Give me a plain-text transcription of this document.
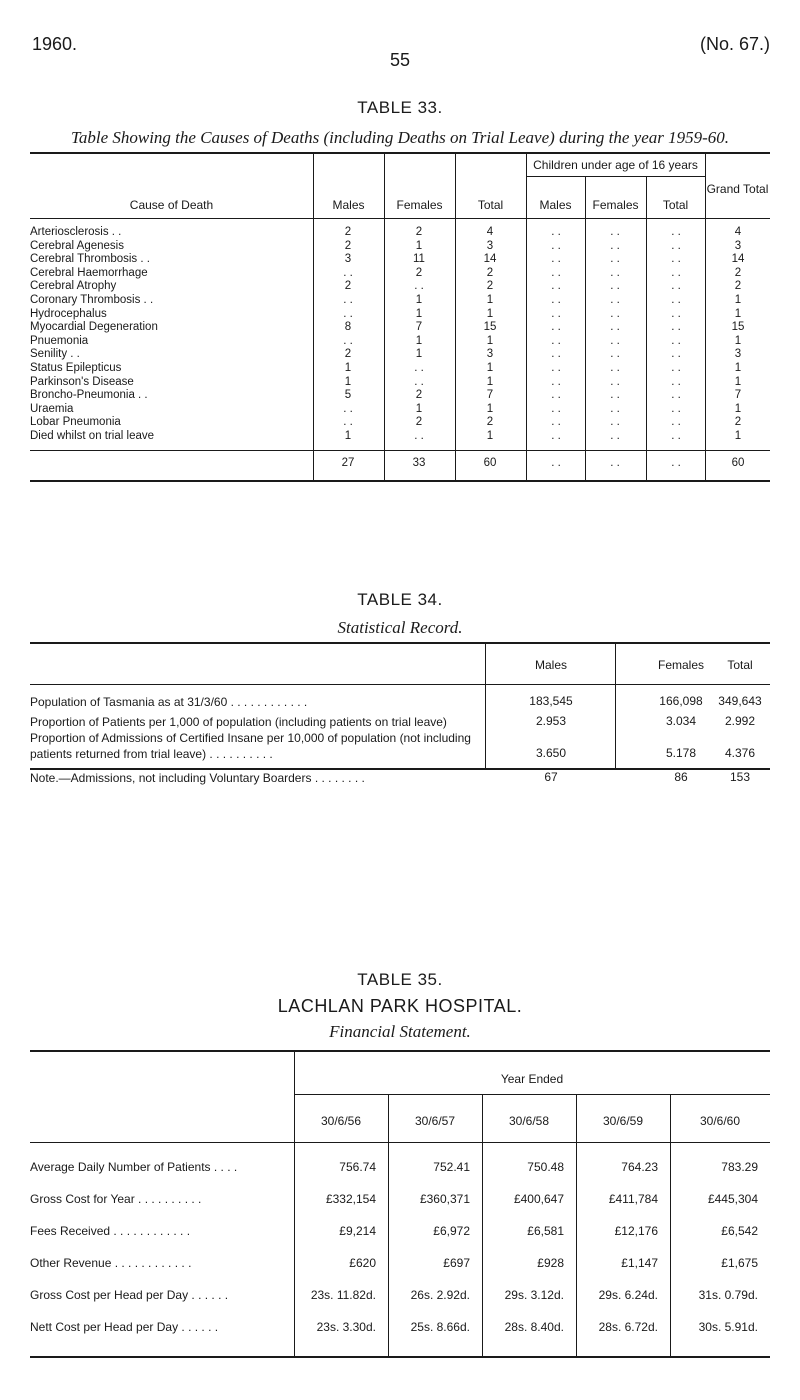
1960.
55
(No. 67.)
TABLE 33.
Table Showing the Causes of Deaths (including Deaths on Trial Leave) during the year 1959-60.
Cause of Death	Males	Females	Total
Children under age of 16 years
Males	Females	Total
Grand Total
Arteriosclerosis . .	2	2	4	. .	. .	. .	4
Cerebral Agenesis	2	1	3	. .	. .	. .	3
Cerebral Thrombosis . .	3	11	14	. .	. .	. .	14
Cerebral Haemorrhage	. .	2	2	. .	. .	. .	2
Cerebral Atrophy	2	. .	2	. .	. .	. .	2
Coronary Thrombosis . .	. .	1	1	. .	. .	. .	1
Hydrocephalus	. .	1	1	. .	. .	. .	1
Myocardial Degeneration	8	7	15	. .	. .	. .	15
Pnuemonia	. .	1	1	. .	. .	. .	1
Senility . .	2	1	3	. .	. .	. .	3
Status Epilepticus	1	. .	1	. .	. .	. .	1
Parkinson's Disease	1	. .	1	. .	. .	. .	1
Broncho-Pneumonia . .	5	2	7	. .	. .	. .	7
Uraemia	. .	1	1	. .	. .	. .	1
Lobar Pneumonia	. .	2	2	. .	. .	. .	2
Died whilst on trial leave	1	. .	1	. .	. .	. .	1
27	33	60	. .	. .	. .	60
TABLE 34.
Statistical Record.
Males	Females	Total
Population of Tasmania as at 31/3/60 . . . . . . . . . . . .	183,545	166,098	349,643
Proportion of Patients per 1,000 of population (including patients on trial leave)	2.953	3.034	2.992
Proportion of Admissions of Certified Insane per 10,000 of population (not including patients returned from trial leave) . . . . . . . . . .	3.650	5.178	4.376
Note.—Admissions, not including Voluntary Boarders . . . . . . . .	67	86	153
TABLE 35.
LACHLAN PARK HOSPITAL.
Financial Statement.
Year Ended
30/6/56	30/6/57	30/6/58	30/6/59	30/6/60
Average Daily Number of Patients . . . .	756.74	752.41	750.48	764.23	783.29
Gross Cost for Year . . . . . . . . . .	£332,154	£360,371	£400,647	£411,784	£445,304
Fees Received . . . . . . . . . . . .	£9,214	£6,972	£6,581	£12,176	£6,542
Other Revenue . . . . . . . . . . . .	£620	£697	£928	£1,147	£1,675
Gross Cost per Head per Day . . . . . .	23s. 11.82d.	26s. 2.92d.	29s. 3.12d.	29s. 6.24d.	31s. 0.79d.
Nett Cost per Head per Day . . . . . .	23s. 3.30d.	25s. 8.66d.	28s. 8.40d.	28s. 6.72d.	30s. 5.91d.
